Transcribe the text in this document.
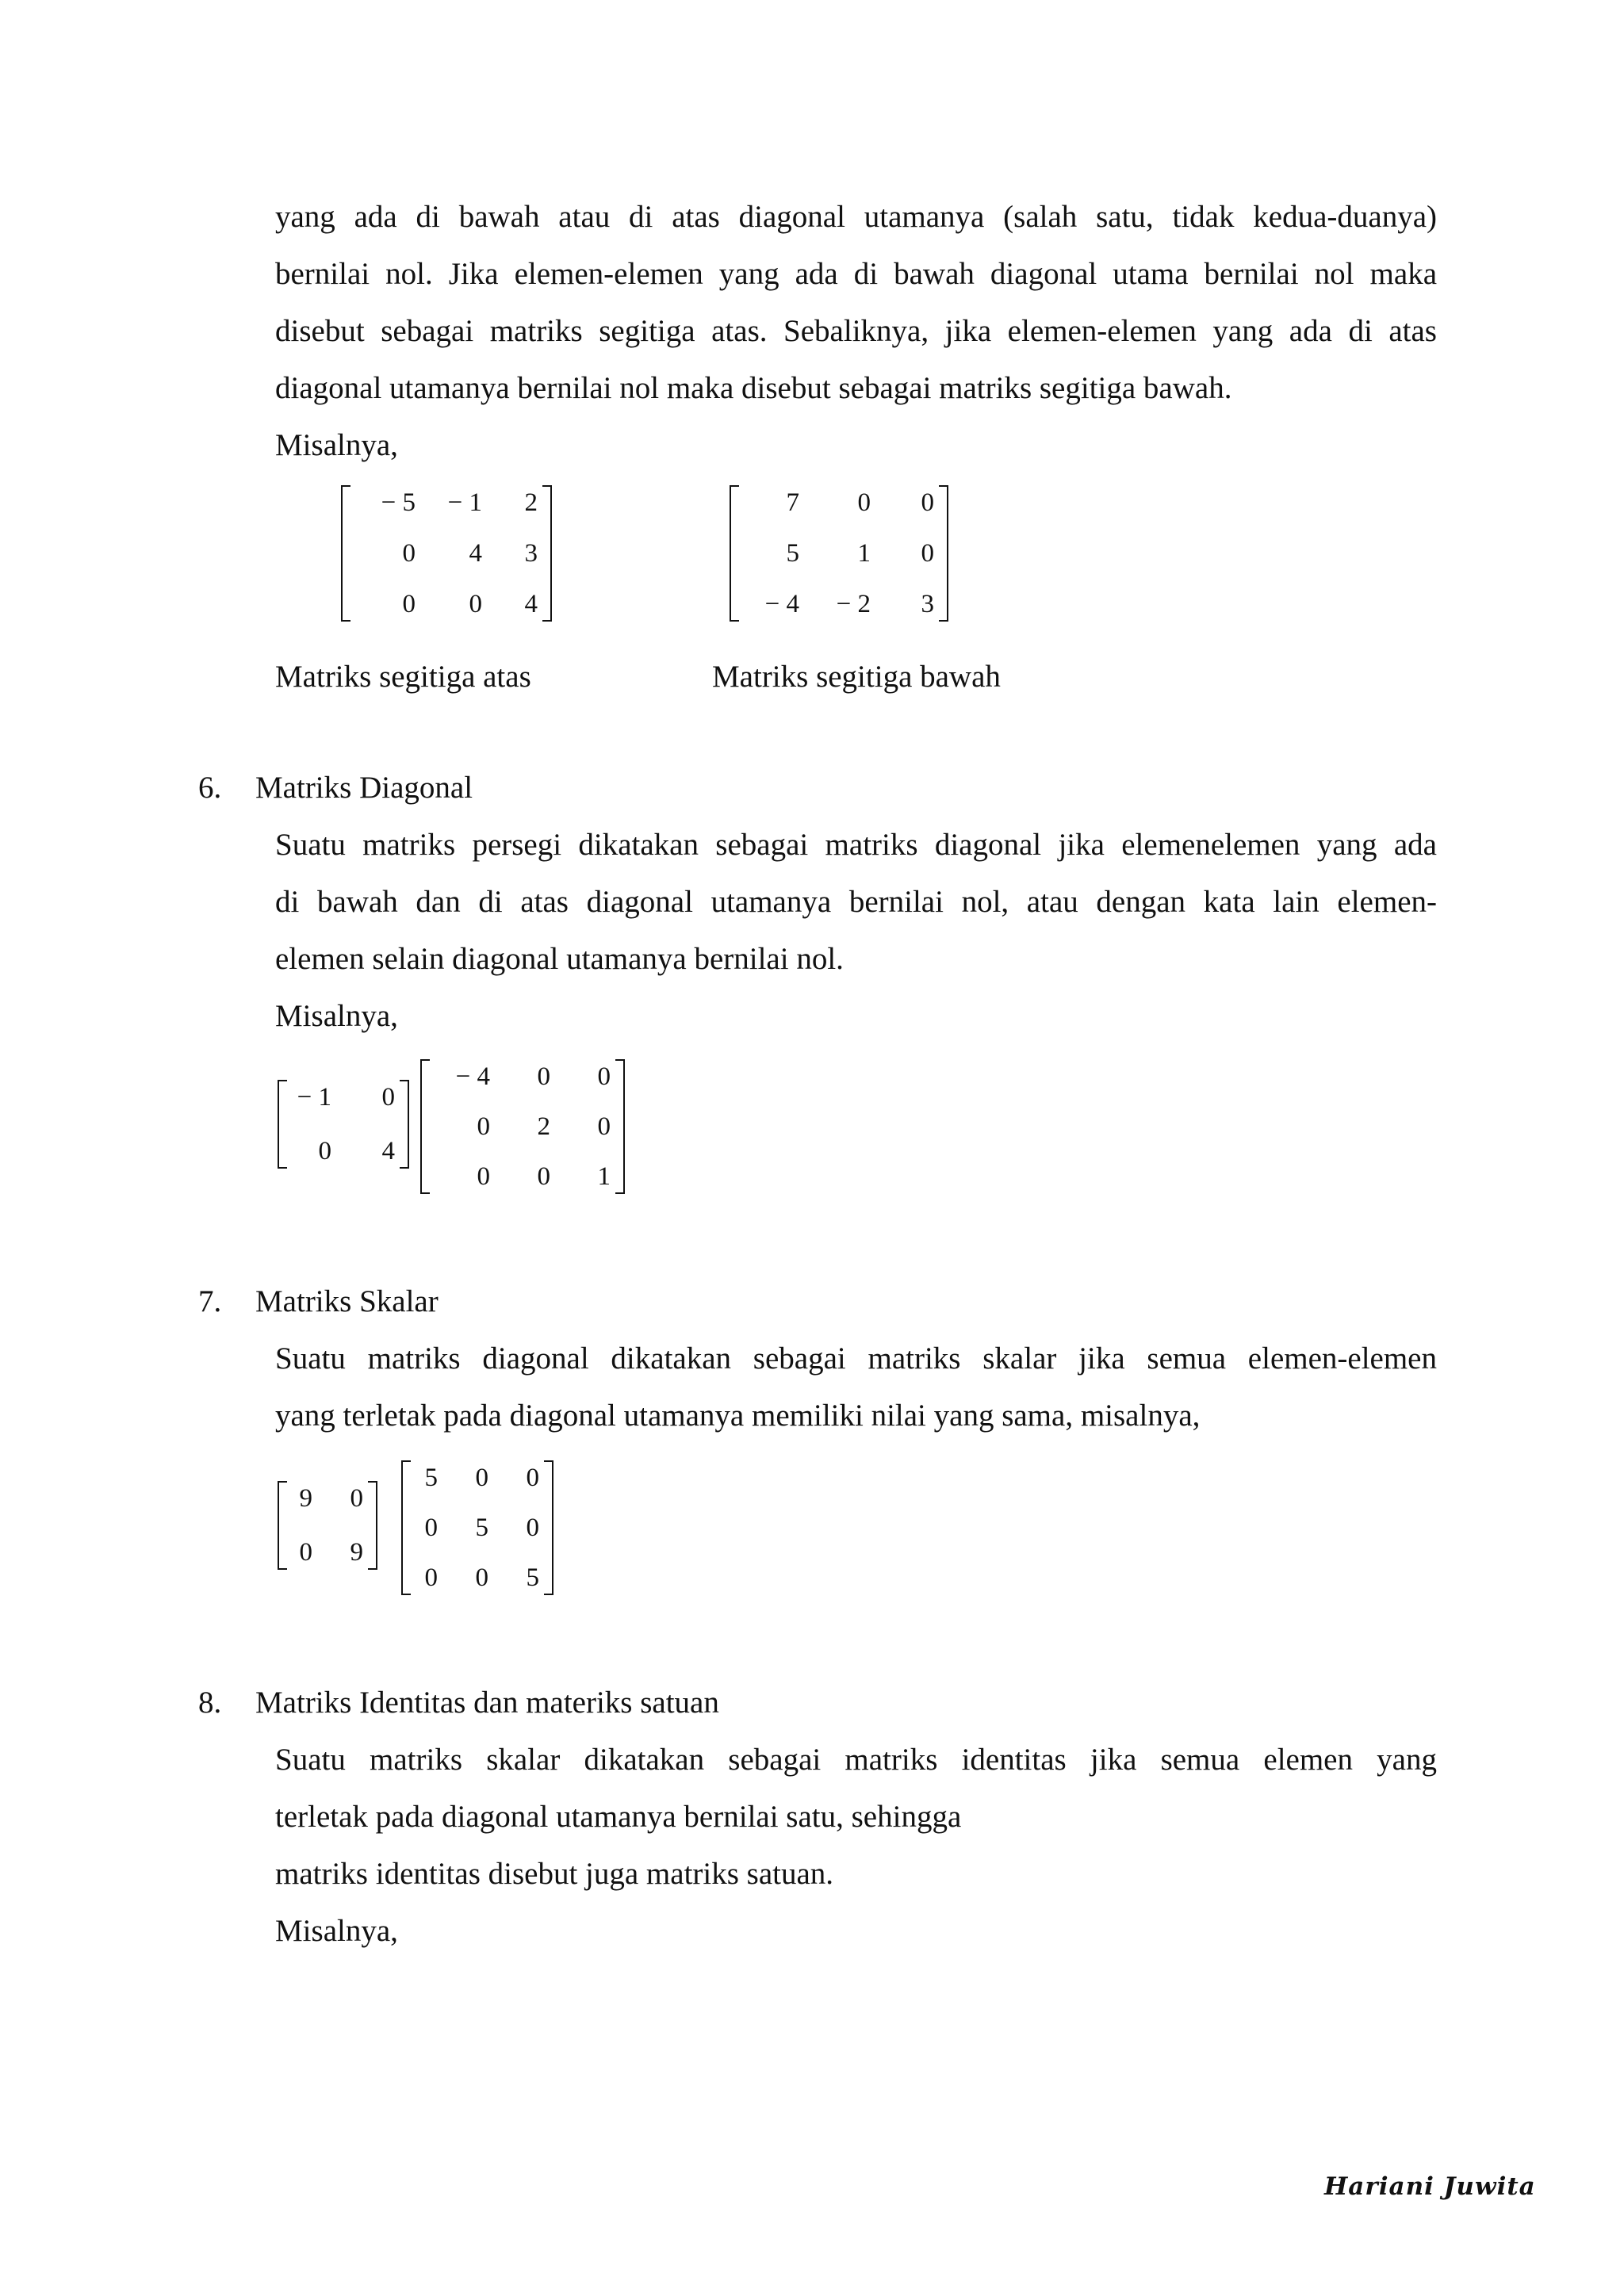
yang ada di bawah atau di atas diagonal utamanya (salah satu, tidak kedua-duanya)
bernilai nol. Jika elemen-elemen yang ada di bawah diagonal utama bernilai nol maka
disebut sebagai matriks segitiga atas. Sebaliknya, jika elemen-elemen yang ada di atas
diagonal utamanya bernilai nol maka disebut sebagai matriks segitiga bawah.
Misalnya,
− 5	− 1	2
0	4	3
0	0	4
7	0	0
5	1	0
− 4	− 2	3
Matriks segitiga atas	Matriks segitiga bawah
6. Matriks Diagonal
Suatu matriks persegi dikatakan sebagai matriks diagonal jika elemenelemen yang ada
di bawah dan di atas diagonal utamanya bernilai nol, atau dengan kata lain elemen-
elemen selain diagonal utamanya bernilai nol.
Misalnya,
− 1	0
0	4
− 4	0	0
0	2	0
0	0	1
7. Matriks Skalar
Suatu matriks diagonal dikatakan sebagai matriks skalar jika semua elemen-elemen
yang terletak pada diagonal utamanya memiliki nilai yang sama, misalnya,
9	0
0	9
5	0	0
0	5	0
0	0	5
8. Matriks Identitas dan materiks satuan
Suatu matriks skalar dikatakan sebagai matriks identitas jika semua elemen yang
terletak pada diagonal utamanya bernilai satu, sehingga
matriks identitas disebut juga matriks satuan.
Misalnya,
Hariani Juwita
